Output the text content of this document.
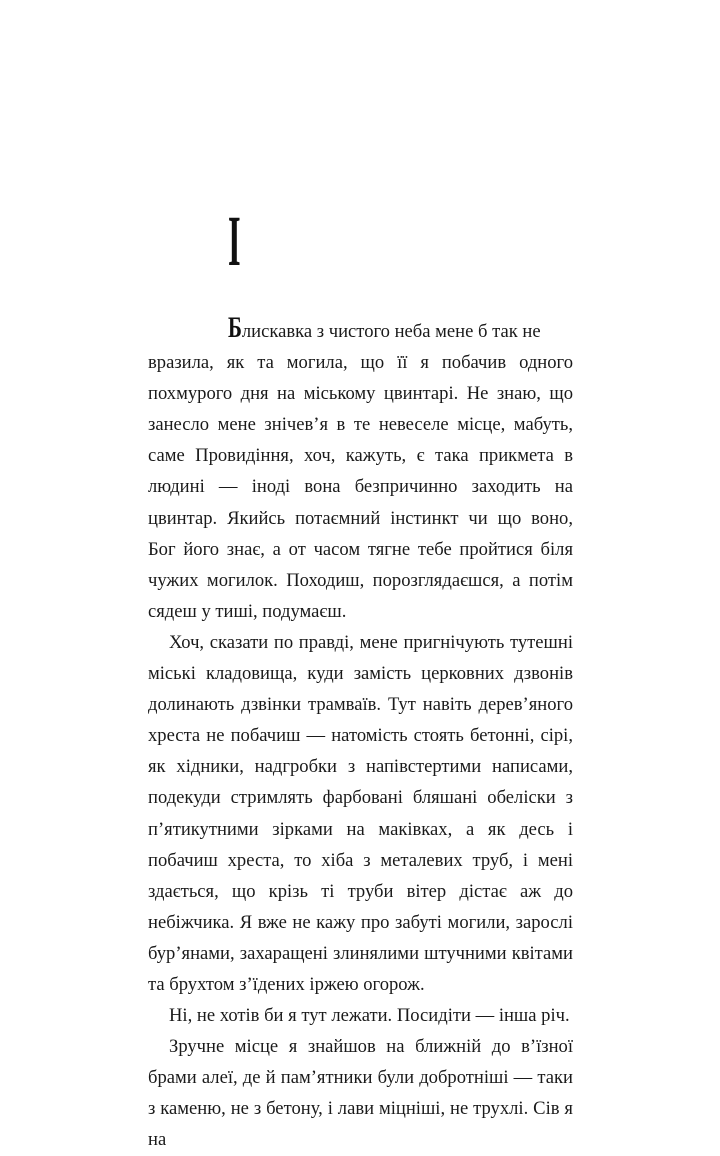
I

Блискавка з чистого неба мене б так не
вразила, як та могила, що її я побачив одного похмурого дня на міському цвинтарі. Не знаю, що занесло мене знічев’я в те невеселе місце, мабуть, саме Провидіння, хоч, кажуть, є така прикмета в людині — іноді вона безпричинно заходить на цвинтар. Якийсь потаємний інстинкт чи що воно, Бог його знає, а от часом тягне тебе пройтися біля чужих могилок. Походиш, порозглядаєшся, а потім сядеш у тиші, подумаєш.

Хоч, сказати по правді, мене пригнічують тутешні міські кладовища, куди замість церковних дзвонів долинають дзвінки трамваїв. Тут навіть дерев’яного хреста не побачиш — натомість стоять бетонні, сірі, як хідники, надгробки з напівстертими написами, подекуди стримлять фарбовані бляшані обеліски з п’ятикутними зірками на маківках, а як десь і побачиш хреста, то хіба з металевих труб, і мені здається, що крізь ті труби вітер дістає аж до небіжчика. Я вже не кажу про забуті могили, зарослі бур’янами, захаращені злинялими штучними квітами та брухтом з’їдених іржею огорож.

Ні, не хотів би я тут лежати. Посидіти — інша річ.

Зручне місце я знайшов на ближній до в’їзної брами алеї, де й пам’ятники були добротніші — таки з каменю, не з бетону, і лави міцніші, не трухлі. Сів я на
